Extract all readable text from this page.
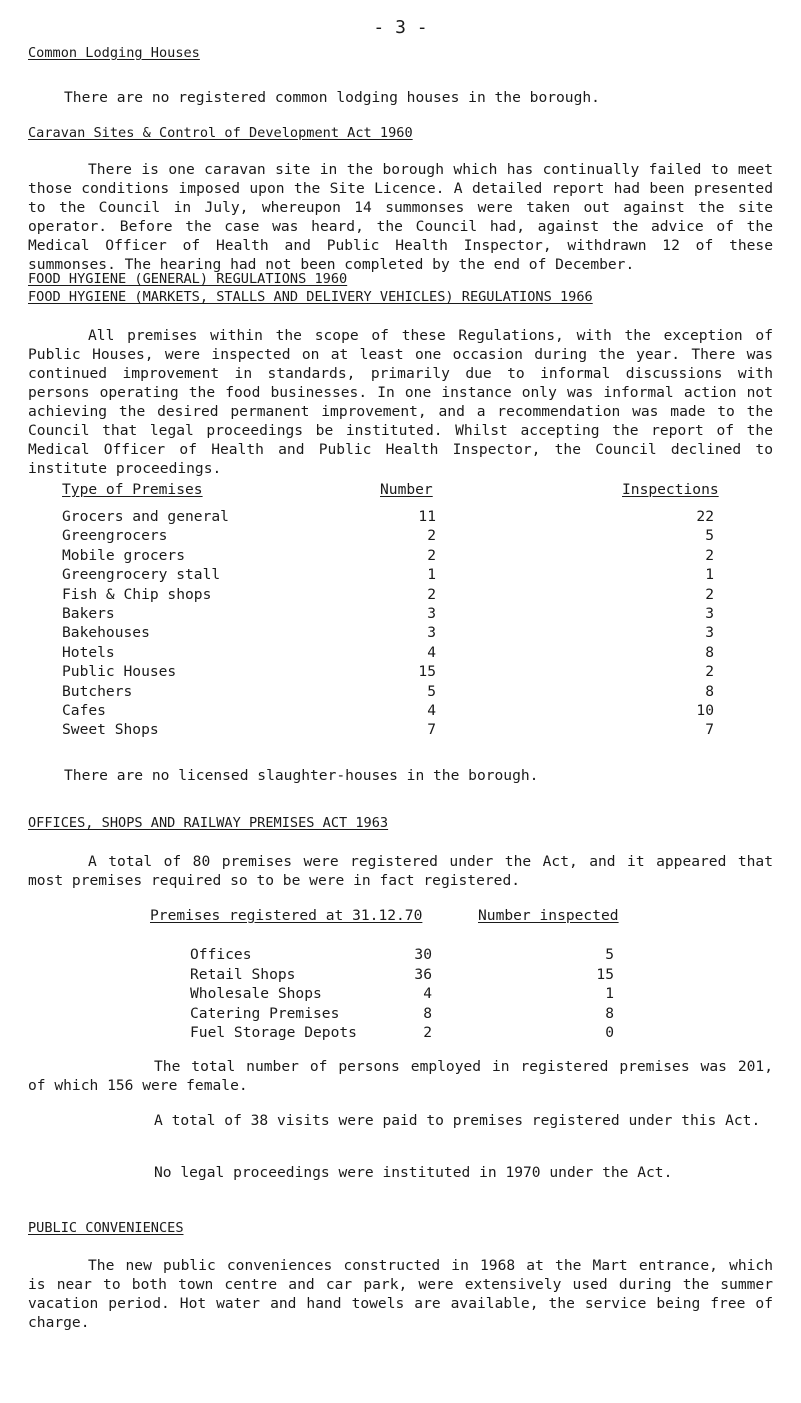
- 3 -
Common Lodging Houses
There are no registered common lodging houses in the borough.
Caravan Sites & Control of Development Act 1960
There is one caravan site in the borough which has continually failed to meet those conditions imposed upon the Site Licence. A detailed report had been presented to the Council in July, whereupon 14 summonses were taken out against the site operator. Before the case was heard, the Council had, against the advice of the Medical Officer of Health and Public Health Inspector, withdrawn 12 of these summonses. The hearing had not been completed by the end of December.
FOOD HYGIENE (GENERAL) REGULATIONS 1960
FOOD HYGIENE (MARKETS, STALLS AND DELIVERY VEHICLES) REGULATIONS 1966
All premises within the scope of these Regulations, with the exception of Public Houses, were inspected on at least one occasion during the year. There was continued improvement in standards, primarily due to informal discussions with persons operating the food businesses. In one instance only was informal action not achieving the desired permanent improvement, and a recommendation was made to the Council that legal proceedings be instituted. Whilst accepting the report of the Medical Officer of Health and Public Health Inspector, the Council declined to institute proceedings.
Type of Premises	Number	Inspections
Grocers and general	11	22
Greengrocers	2	5
Mobile grocers	2	2
Greengrocery stall	1	1
Fish & Chip shops	2	2
Bakers	3	3
Bakehouses	3	3
Hotels	4	8
Public Houses	15	2
Butchers	5	8
Cafes	4	10
Sweet Shops	7	7
There are no licensed slaughter-houses in the borough.
OFFICES, SHOPS AND RAILWAY PREMISES ACT 1963
A total of 80 premises were registered under the Act, and it appeared that most premises required so to be were in fact registered.
Premises registered at 31.12.70	Number inspected
Offices	30	5
Retail Shops	36	15
Wholesale Shops	4	1
Catering Premises	8	8
Fuel Storage Depots	2	0
The total number of persons employed in registered premises was 201, of which 156 were female.
A total of 38 visits were paid to premises registered under this Act.
No legal proceedings were instituted in 1970 under the Act.
PUBLIC CONVENIENCES
The new public conveniences constructed in 1968 at the Mart entrance, which is near to both town centre and car park, were extensively used during the summer vacation period. Hot water and hand towels are available, the service being free of charge.
